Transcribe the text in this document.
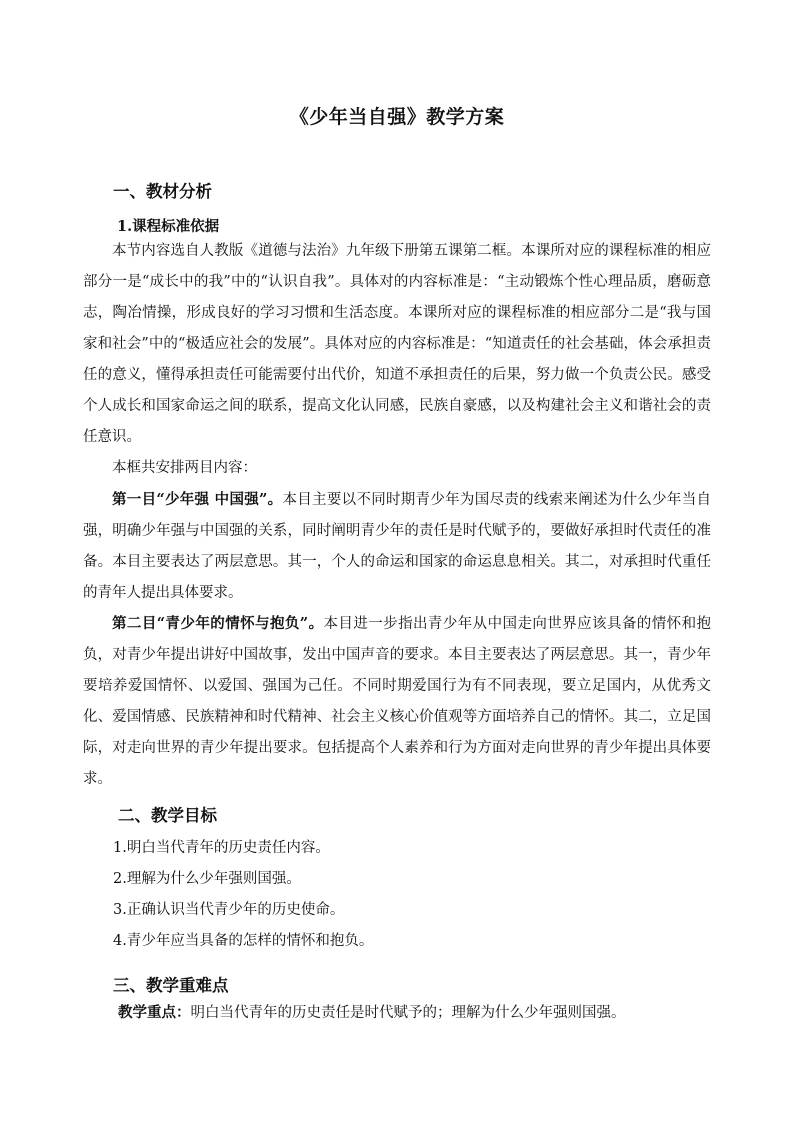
《少年当自强》教学方案
一、教材分析
1.课程标准依据

本节内容选自人教版《道德与法治》九年级下册第五课第二框。本课所对应的课程标准的相应部分一是“成长中的我”中的“认识自我”。具体对的内容标准是：“主动锻炼个性心理品质，磨砺意志，陶冶情操，形成良好的学习习惯和生活态度。本课所对应的课程标准的相应部分二是“我与国家和社会”中的“极适应社会的发展”。具体对应的内容标准是：“知道责任的社会基础，体会承担责任的意义，懂得承担责任可能需要付出代价，知道不承担责任的后果，努力做一个负责公民。感受个人成长和国家命运之间的联系，提高文化认同感，民族自豪感，以及构建社会主义和谐社会的责任意识。

本框共安排两目内容：

第一目“少年强 中国强”。本目主要以不同时期青少年为国尽责的线索来阐述为什么少年当自强，明确少年强与中国强的关系，同时阐明青少年的责任是时代赋予的，要做好承担时代责任的准备。本目主要表达了两层意思。其一，个人的命运和国家的命运息息相关。其二，对承担时代重任的青年人提出具体要求。

第二目“青少年的情怀与抱负”。本目进一步指出青少年从中国走向世界应该具备的情怀和抱负，对青少年提出讲好中国故事，发出中国声音的要求。本目主要表达了两层意思。其一，青少年要培养爱国情怀、以爱国、强国为己任。不同时期爱国行为有不同表现，要立足国内，从优秀文化、爱国情感、民族精神和时代精神、社会主义核心价值观等方面培养自己的情怀。其二，立足国际，对走向世界的青少年提出要求。包括提高个人素养和行为方面对走向世界的青少年提出具体要求。

二、教学目标
1.明白当代青年的历史责任内容。
2.理解为什么少年强则国强。
3.正确认识当代青少年的历史使命。
4.青少年应当具备的怎样的情怀和抱负。
三、教学重难点
教学重点：明白当代青年的历史责任是时代赋予的；理解为什么少年强则国强。
